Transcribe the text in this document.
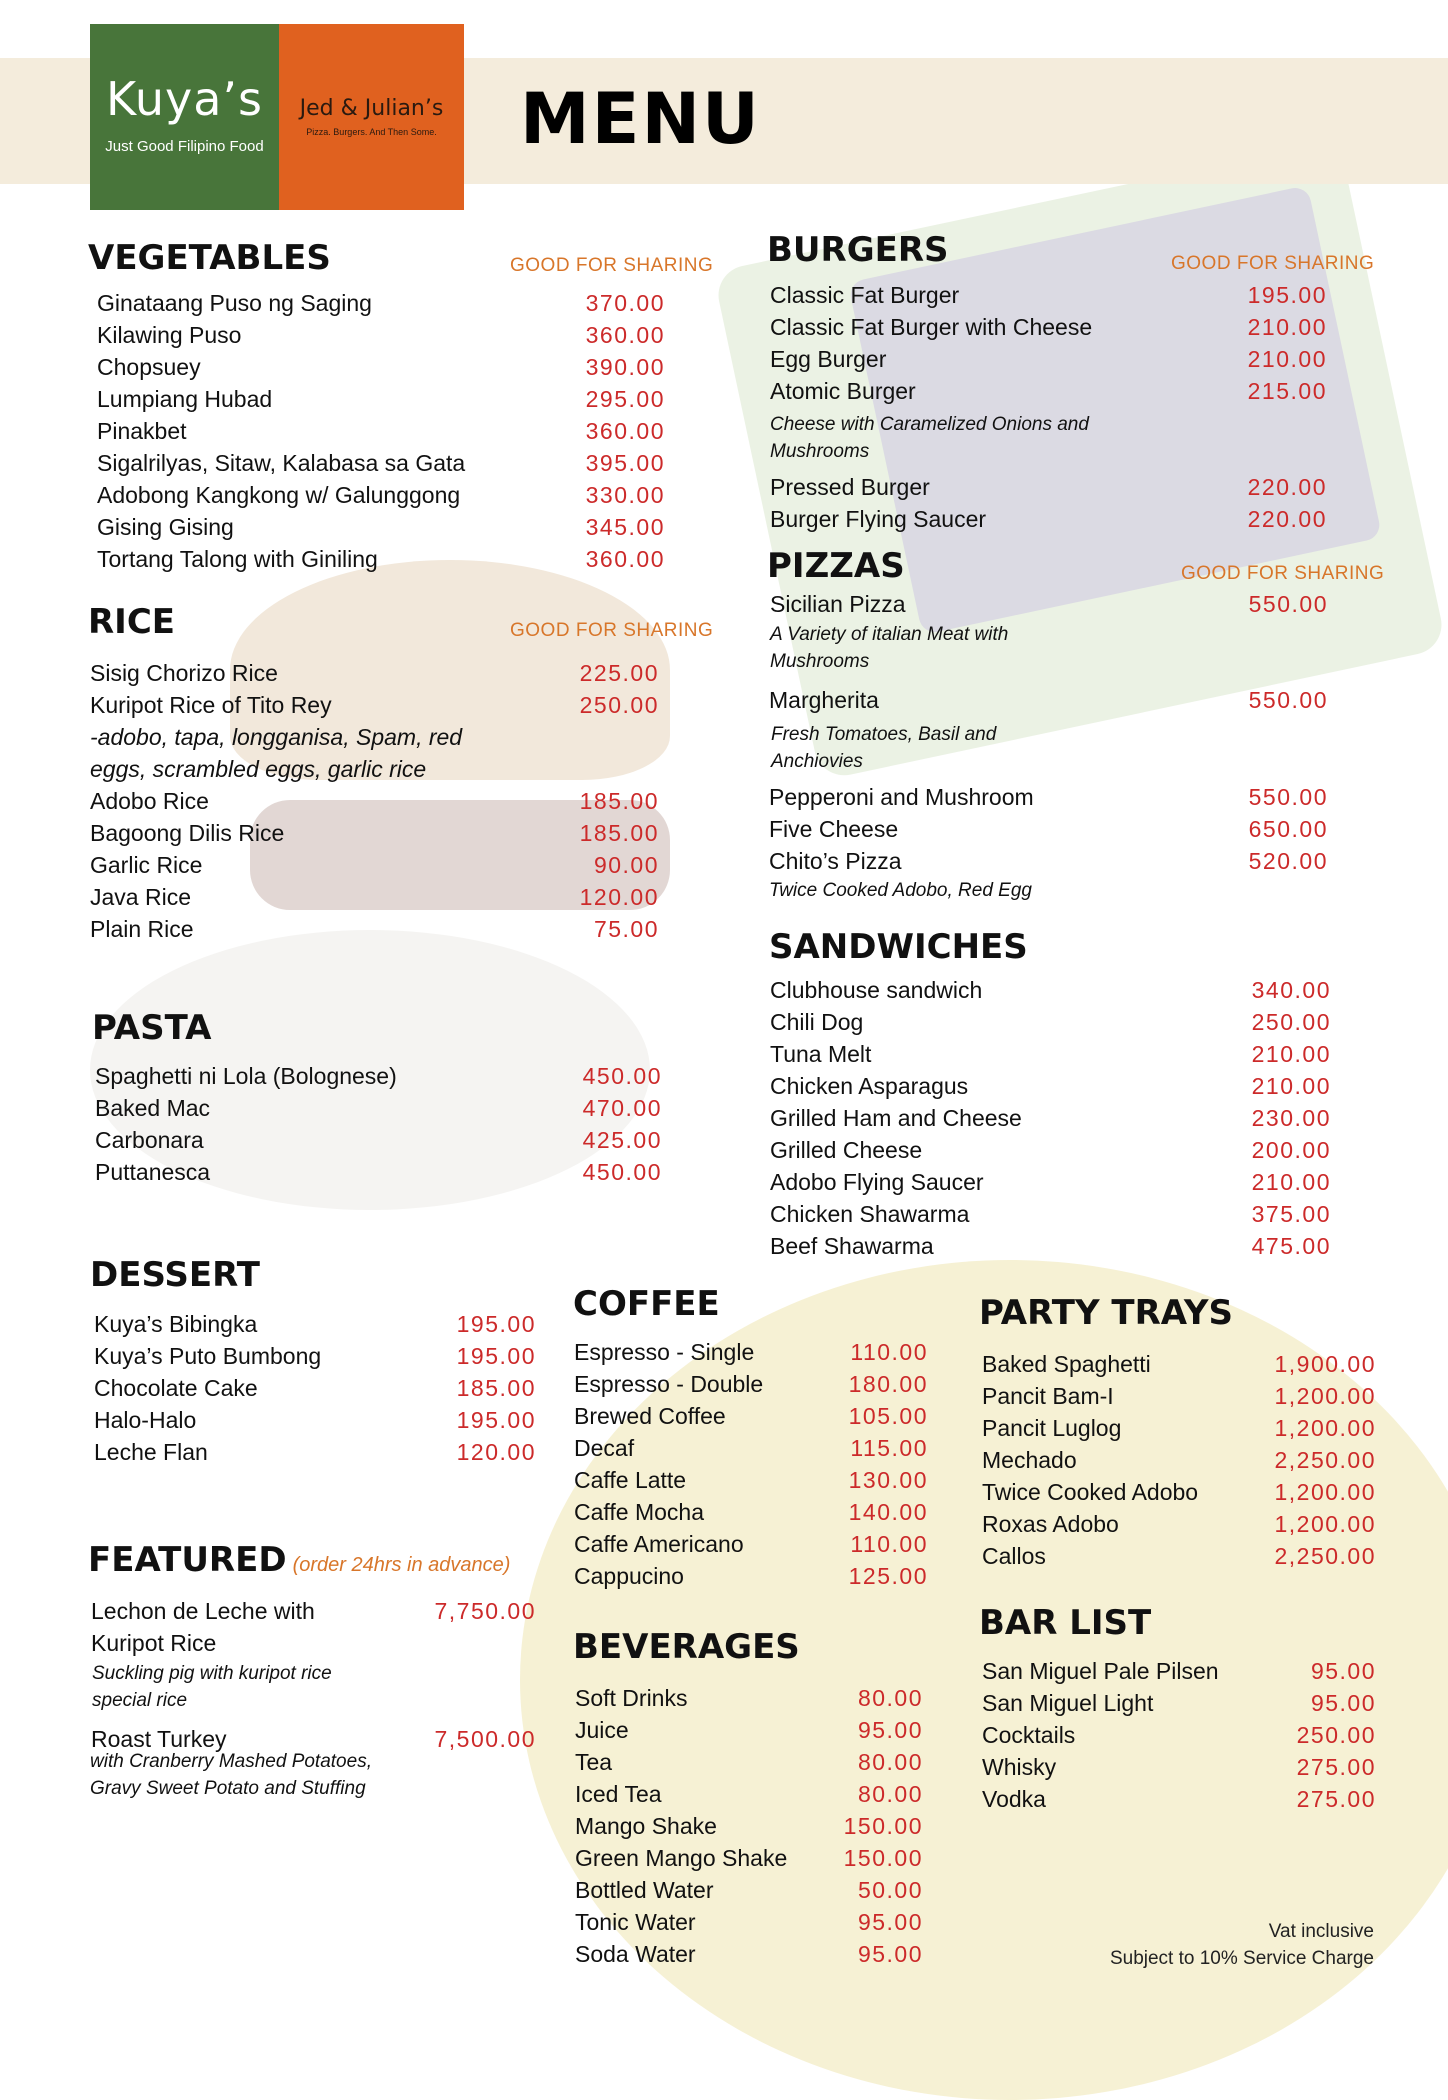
Kuya’s
Just Good Filipino Food
Jed & Julian’s
Pizza. Burgers. And Then Some.	MENU
VEGETABLES	GOOD FOR SHARING
Ginataang Puso ng Saging	370.00
Kilawing Puso	360.00
Chopsuey	390.00
Lumpiang Hubad	295.00
Pinakbet	360.00
Sigalrilyas, Sitaw, Kalabasa sa Gata	395.00
Adobong Kangkong w/ Galunggong	330.00
Gising Gising	345.00
Tortang Talong with Giniling	360.00
RICE	GOOD FOR SHARING
Sisig Chorizo Rice	225.00
Kuripot Rice of Tito Rey	250.00
-adobo, tapa, longganisa, Spam, red
eggs, scrambled eggs, garlic rice
Adobo Rice	185.00
Bagoong Dilis Rice	185.00
Garlic Rice	90.00
Java Rice	120.00
Plain Rice	75.00
PASTA
Spaghetti ni Lola (Bolognese)	450.00
Baked Mac	470.00
Carbonara	425.00
Puttanesca	450.00
DESSERT
Kuya’s Bibingka	195.00
Kuya’s Puto Bumbong	195.00
Chocolate Cake	185.00
Halo-Halo	195.00
Leche Flan	120.00
FEATURED (order 24hrs in advance)
Lechon de Leche with	7,750.00
Kuripot Rice
Suckling pig with kuripot rice
special rice
Roast Turkey	7,500.00
with Cranberry Mashed Potatoes,
Gravy Sweet Potato and Stuffing
BURGERS	GOOD FOR SHARING
Classic Fat Burger	195.00
Classic Fat Burger with Cheese	210.00
Egg Burger	210.00
Atomic Burger	215.00
Cheese with Caramelized Onions and
Mushrooms
Pressed Burger	220.00
Burger Flying Saucer	220.00
PIZZAS	GOOD FOR SHARING
Sicilian Pizza	550.00
A Variety of italian Meat with
Mushrooms
Margherita	550.00
Fresh Tomatoes, Basil and
Anchiovies
Pepperoni and Mushroom	550.00
Five Cheese	650.00
Chito’s Pizza	520.00
Twice Cooked Adobo, Red Egg
SANDWICHES
Clubhouse sandwich	340.00
Chili Dog	250.00
Tuna Melt	210.00
Chicken Asparagus	210.00
Grilled Ham and Cheese	230.00
Grilled Cheese	200.00
Adobo Flying Saucer	210.00
Chicken Shawarma	375.00
Beef Shawarma	475.00
COFFEE
Espresso - Single	110.00
Espresso - Double	180.00
Brewed Coffee	105.00
Decaf	115.00
Caffe Latte	130.00
Caffe Mocha	140.00
Caffe Americano	110.00
Cappucino	125.00
BEVERAGES
Soft Drinks	80.00
Juice	95.00
Tea	80.00
Iced Tea	80.00
Mango Shake	150.00
Green Mango Shake 150.00
Bottled Water	50.00
Tonic Water	95.00
Soda Water	95.00
PARTY TRAYS
Baked Spaghetti	1,900.00
Pancit Bam-I	1,200.00
Pancit Luglog	1,200.00
Mechado	2,250.00
Twice Cooked Adobo	1,200.00
Roxas Adobo	1,200.00
Callos	2,250.00
BAR LIST
San Miguel Pale Pilsen	95.00
San Miguel Light	95.00
Cocktails	250.00
Whisky	275.00
Vodka	275.00
Vat inclusive
Subject to 10% Service Charge
